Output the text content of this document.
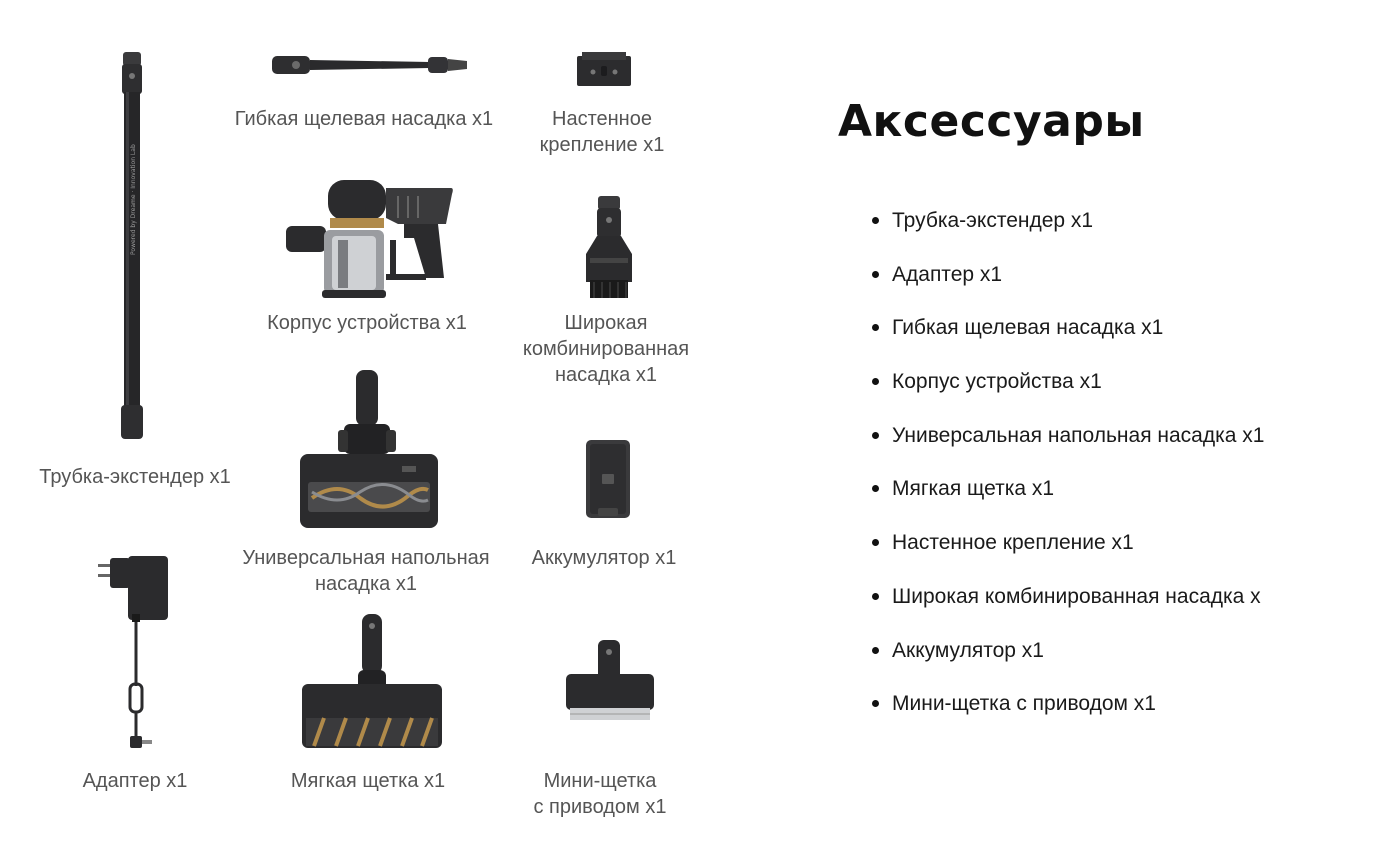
Powered by Dreame · Innovation Lab
Трубка-экстендер x1
Гибкая щелевая насадка x1	Настенное
крепление x1
Корпус устройства x1	Широкая
комбинированная
насадка x1
Универсальная напольная
насадка x1
Аккумулятор x1
Адаптер x1	Мягкая щетка x1	Мини-щетка
с приводом x1
Аксессуары
Трубка-экстендер x1
Адаптер x1
Гибкая щелевая насадка x1
Корпус устройства x1
Универсальная напольная насадка x1
Мягкая щетка x1
Настенное крепление x1
Широкая комбинированная насадка x
Аккумулятор x1
Мини-щетка с приводом x1
